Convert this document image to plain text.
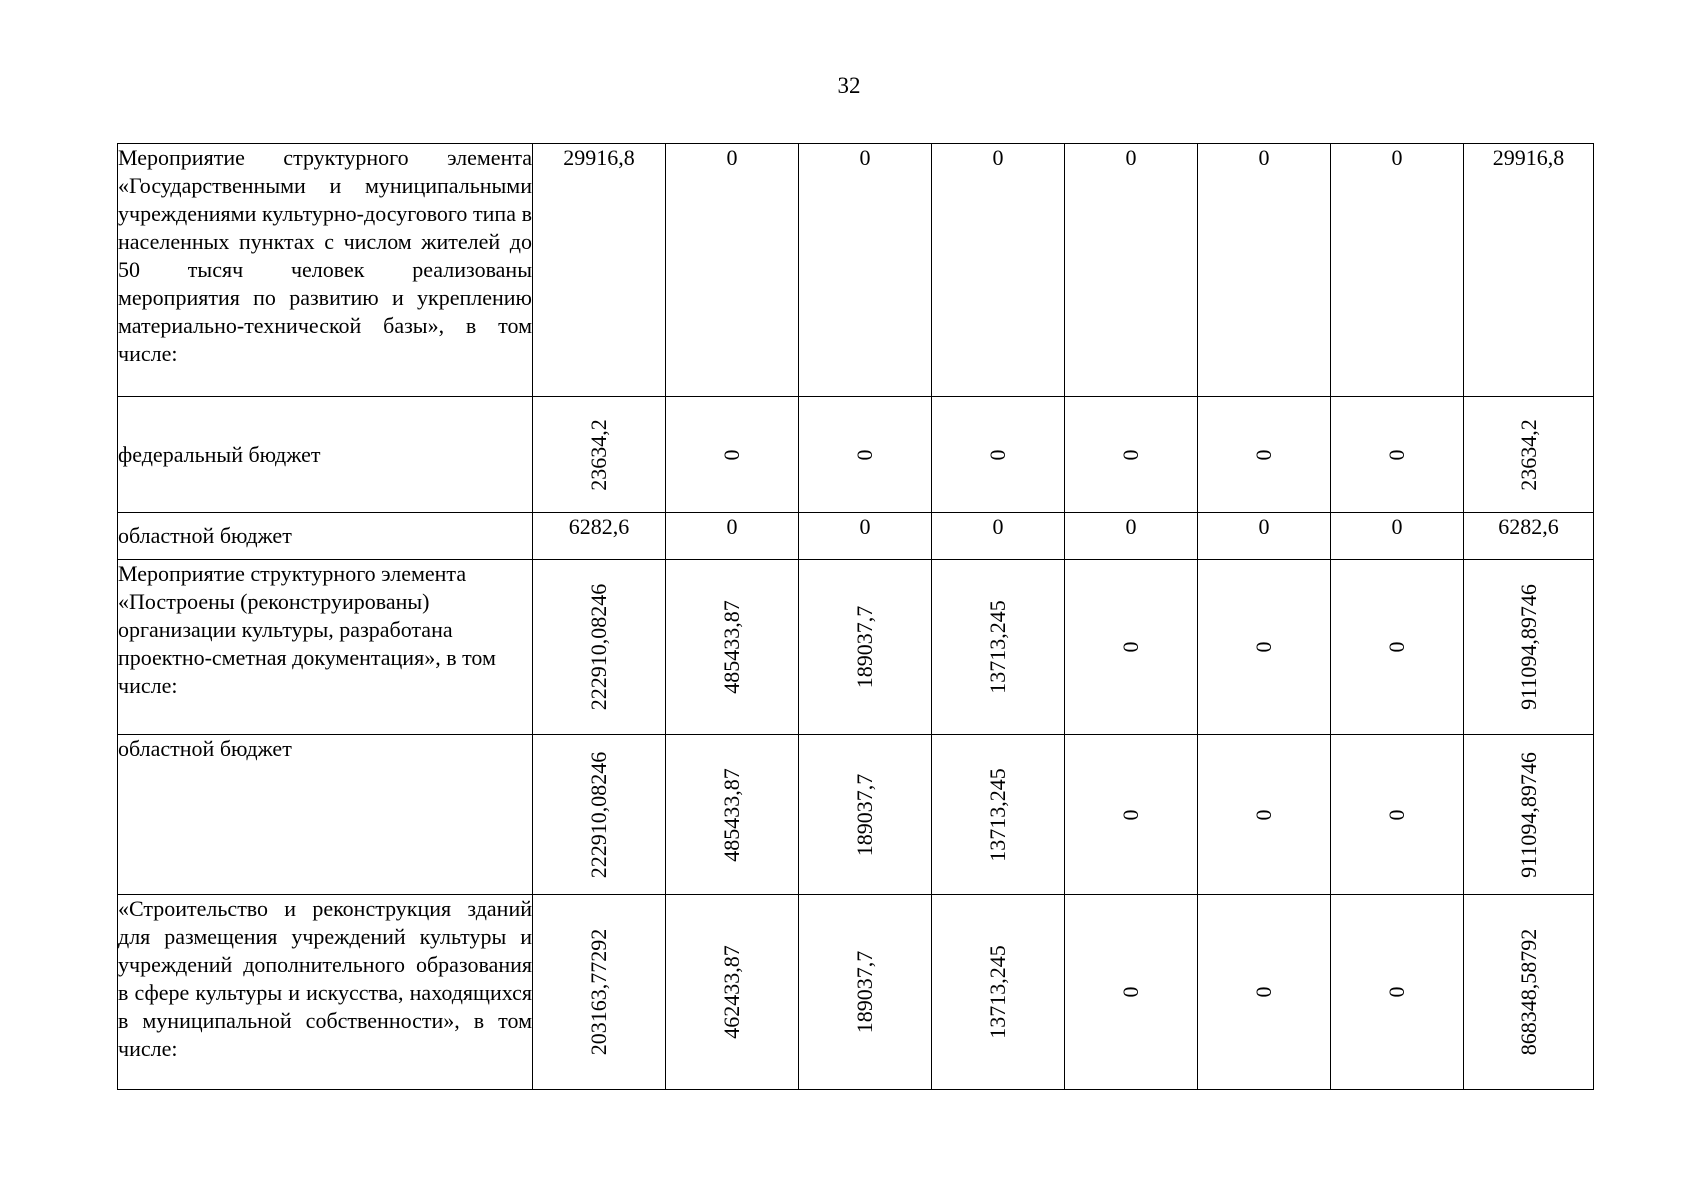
32
Мероприятие структурного элемента «Государственными и муниципальными учреждениями культурно-досугового типа в населенных пунктах с числом жителей до 50 тысяч человек реализованы мероприятия по развитию и укреплению материально-технической базы», в том числе:	29916,8	0	0	0	0	0	0	29916,8
федеральный бюджет	23634,2	0	0	0	0	0	0	23634,2

областной бюджет	6282,6	0	0	0	0	0	0	6282,6
Мероприятие структурного элемента «Построены (реконструированы) организации культуры, разработана проектно-сметная документация», в том числе:	222910,08246	485433,87	189037,7	13713,245	0	0	0	911094,89746

областной бюджет	222910,08246	485433,87	189037,7	13713,245	0	0	0	911094,89746

«Строительство и реконструкция зданий для размещения учреждений культуры и учреждений дополнительного образования в сфере культуры и искусства, находящихся в муниципальной собственности», в том числе:	203163,77292	462433,87	189037,7	13713,245	0	0	0	868348,58792
